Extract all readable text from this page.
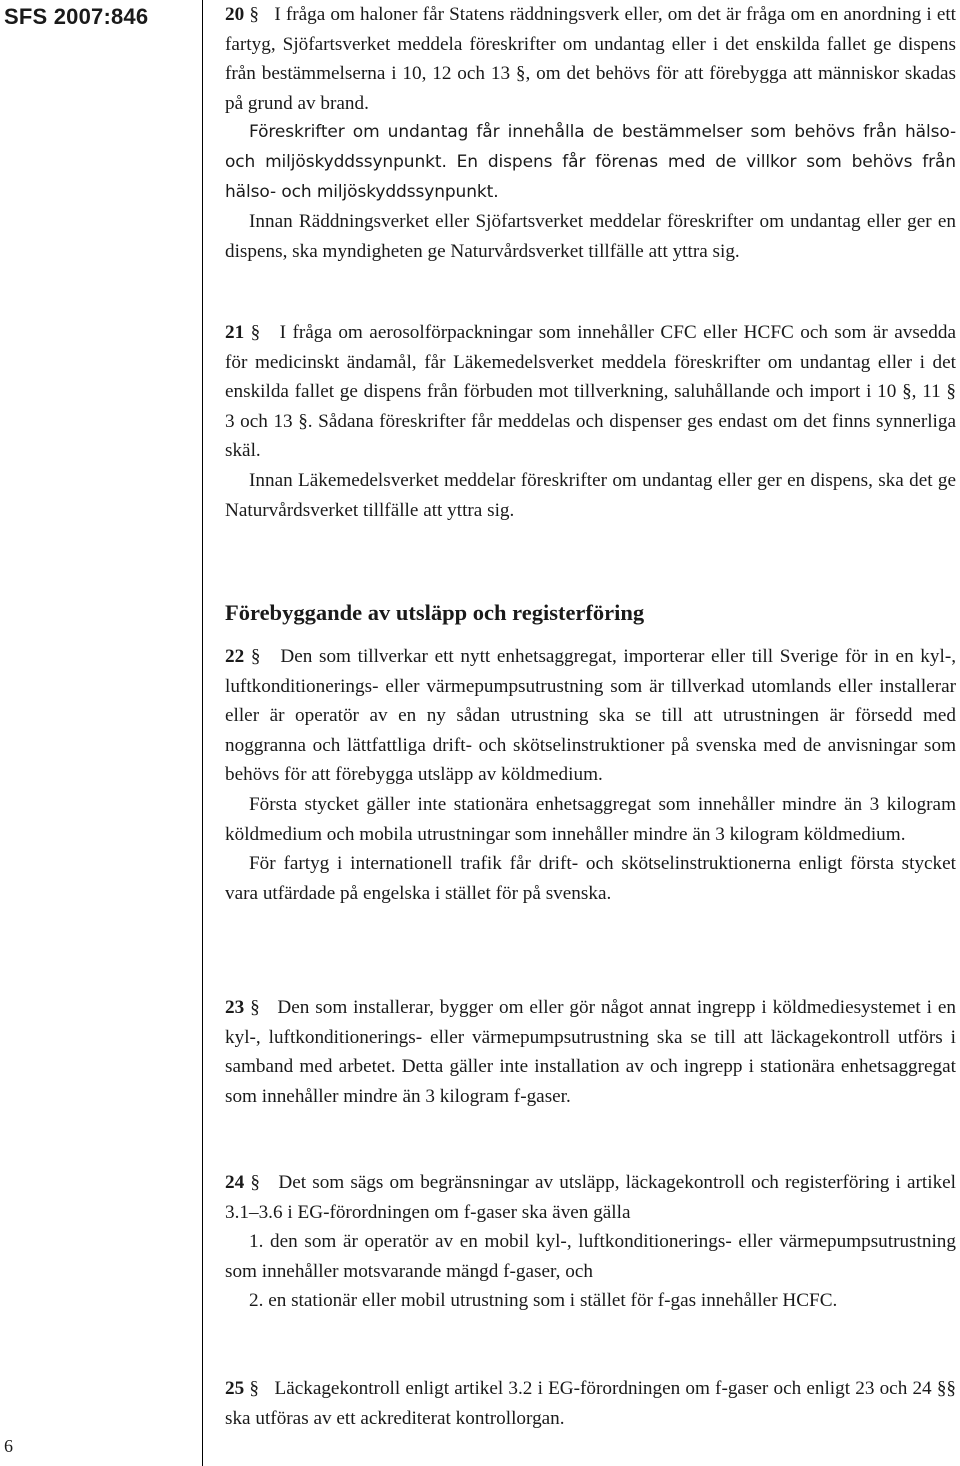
SFS 2007:846
6

20 § I fråga om haloner får Statens räddningsverk eller, om det är fråga om en anordning i ett fartyg, Sjöfartsverket meddela föreskrifter om undantag eller i det enskilda fallet ge dispens från bestämmelserna i 10, 12 och 13 §, om det behövs för att förebygga att människor skadas på grund av brand.

Föreskrifter om undantag får innehålla de bestämmelser som behövs från hälso- och miljöskyddssynpunkt. En dispens får förenas med de villkor som behövs från hälso- och miljöskyddssynpunkt.

Innan Räddningsverket eller Sjöfartsverket meddelar föreskrifter om undantag eller ger en dispens, ska myndigheten ge Naturvårdsverket tillfälle att yttra sig.

21 § I fråga om aerosolförpackningar som innehåller CFC eller HCFC och som är avsedda för medicinskt ändamål, får Läkemedelsverket meddela föreskrifter om undantag eller i det enskilda fallet ge dispens från förbuden mot tillverkning, saluhållande och import i 10 §, 11 § 3 och 13 §. Sådana föreskrifter får meddelas och dispenser ges endast om det finns synnerliga skäl.

Innan Läkemedelsverket meddelar föreskrifter om undantag eller ger en dispens, ska det ge Naturvårdsverket tillfälle att yttra sig.

Förebyggande av utsläpp och registerföring

22 § Den som tillverkar ett nytt enhetsaggregat, importerar eller till Sverige för in en kyl-, luftkonditionerings- eller värmepumpsutrustning som är tillverkad utomlands eller installerar eller är operatör av en ny sådan utrustning ska se till att utrustningen är försedd med noggranna och lättfattliga drift- och skötselinstruktioner på svenska med de anvisningar som behövs för att förebygga utsläpp av köldmedium.

Första stycket gäller inte stationära enhetsaggregat som innehåller mindre än 3 kilogram köldmedium och mobila utrustningar som innehåller mindre än 3 kilogram köldmedium.

För fartyg i internationell trafik får drift- och skötselinstruktionerna enligt första stycket vara utfärdade på engelska i stället för på svenska.

23 § Den som installerar, bygger om eller gör något annat ingrepp i köldmediesystemet i en kyl-, luftkonditionerings- eller värmepumpsutrustning ska se till att läckagekontroll utförs i samband med arbetet. Detta gäller inte installation av och ingrepp i stationära enhetsaggregat som innehåller mindre än 3 kilogram f-gaser.

24 § Det som sägs om begränsningar av utsläpp, läckagekontroll och registerföring i artikel 3.1–3.6 i EG-förordningen om f-gaser ska även gälla

1. den som är operatör av en mobil kyl-, luftkonditionerings- eller värmepumpsutrustning som innehåller motsvarande mängd f-gaser, och

2. en stationär eller mobil utrustning som i stället för f-gas innehåller HCFC.

25 § Läckagekontroll enligt artikel 3.2 i EG-förordningen om f-gaser och enligt 23 och 24 §§ ska utföras av ett ackrediterat kontrollorgan.
